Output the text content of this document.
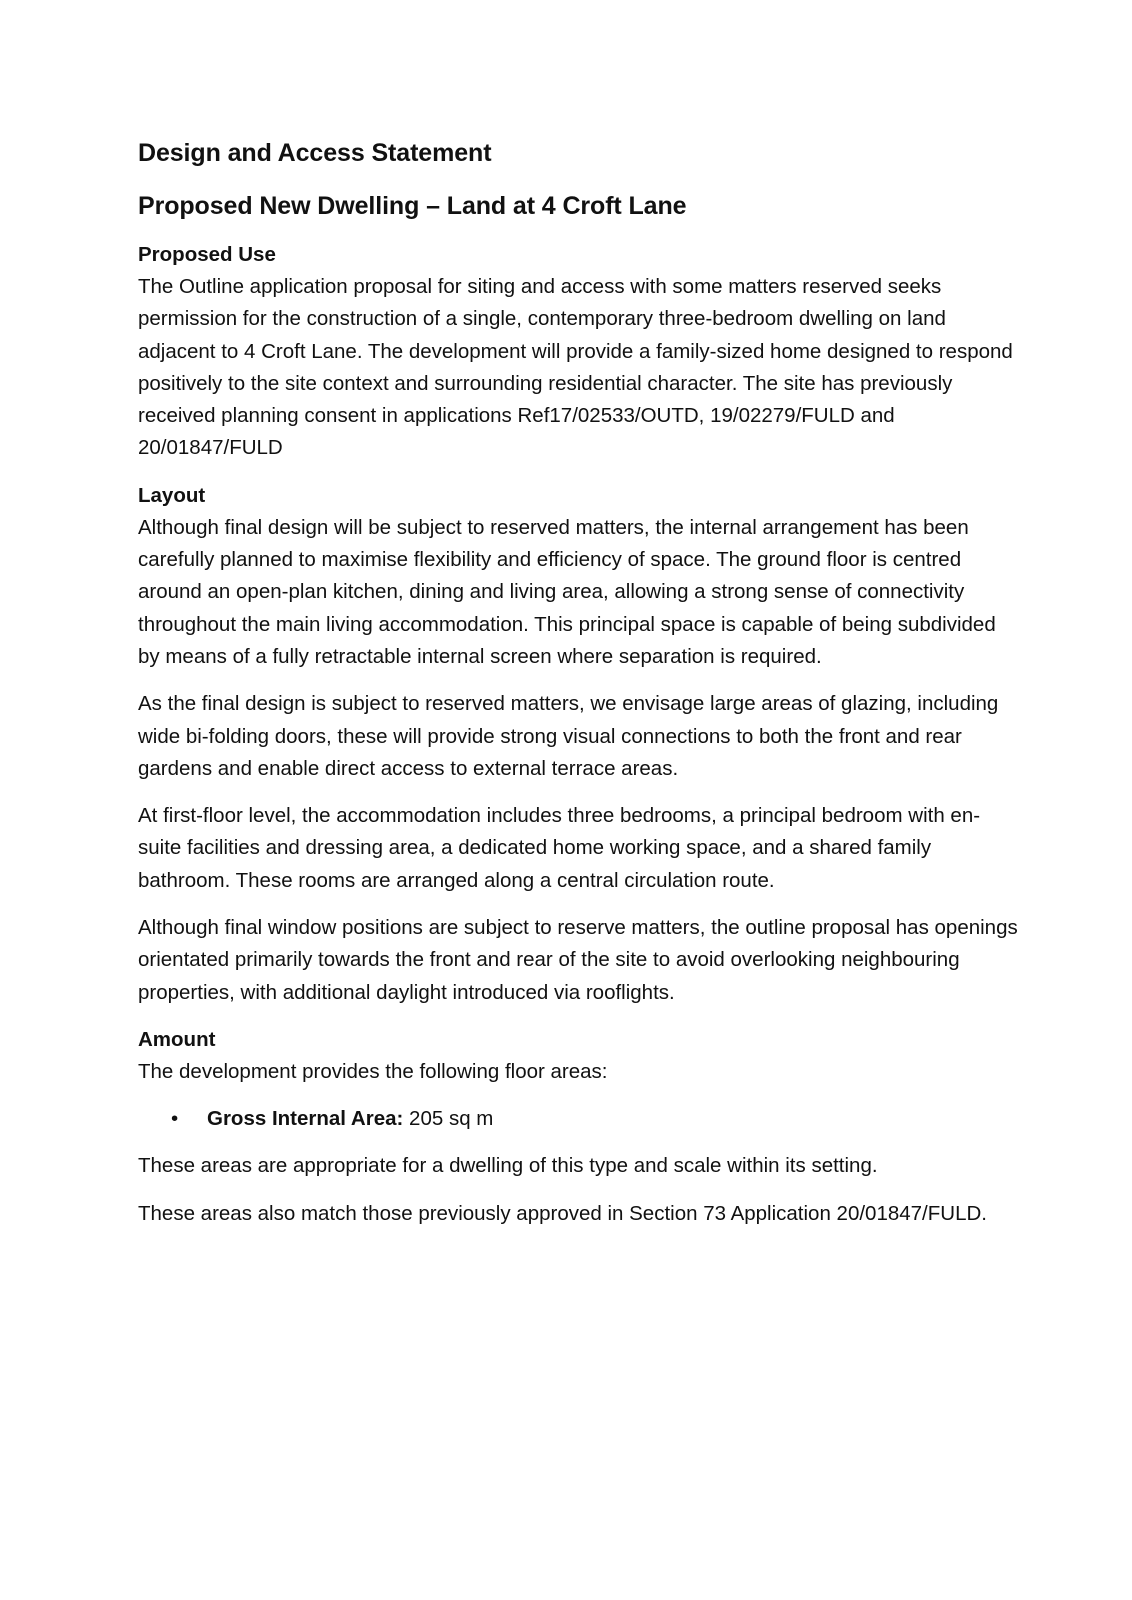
Design and Access Statement
Proposed New Dwelling – Land at 4 Croft Lane
Proposed Use

The Outline application proposal for siting and access with some matters reserved seeks permission for the construction of a single, contemporary three-bedroom dwelling on land adjacent to 4 Croft Lane. The development will provide a family-sized home designed to respond positively to the site context and surrounding residential character. The site has previously received planning consent in applications Ref17/02533/OUTD, 19/02279/FULD and 20/01847/FULD

Layout

Although final design will be subject to reserved matters, the internal arrangement has been carefully planned to maximise flexibility and efficiency of space. The ground floor is centred around an open-plan kitchen, dining and living area, allowing a strong sense of connectivity throughout the main living accommodation. This principal space is capable of being subdivided by means of a fully retractable internal screen where separation is required.

As the final design is subject to reserved matters, we envisage large areas of glazing, including wide bi-folding doors, these will provide strong visual connections to both the front and rear gardens and enable direct access to external terrace areas.

At first-floor level, the accommodation includes three bedrooms, a principal bedroom with en-suite facilities and dressing area, a dedicated home working space, and a shared family bathroom. These rooms are arranged along a central circulation route.

Although final window positions are subject to reserve matters, the outline proposal has openings orientated primarily towards the front and rear of the site to avoid overlooking neighbouring properties, with additional daylight introduced via rooflights.

Amount

The development provides the following floor areas:

•	Gross Internal Area: 205 sq m

These areas are appropriate for a dwelling of this type and scale within its setting.

These areas also match those previously approved in Section 73 Application 20/01847/FULD.
